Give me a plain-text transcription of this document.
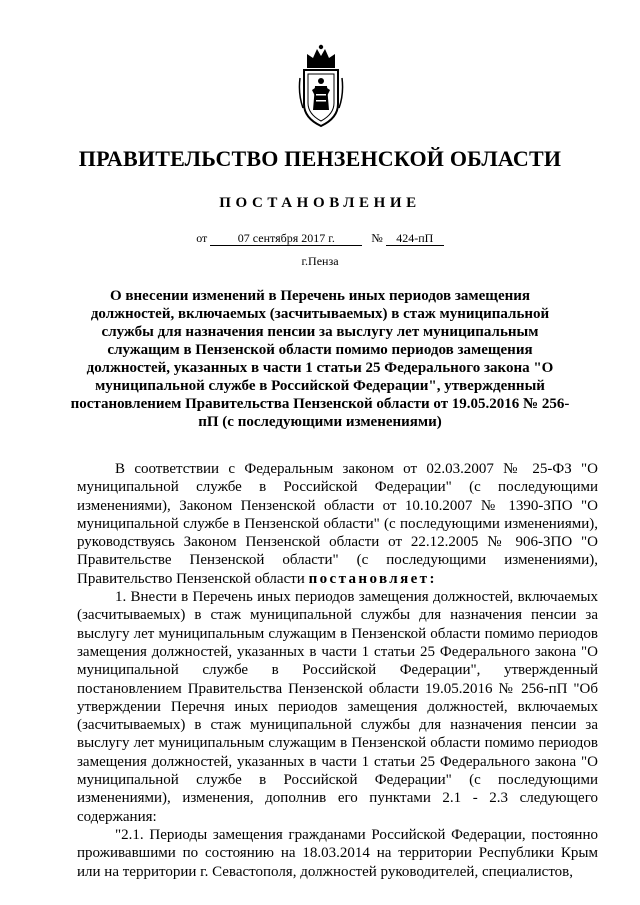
ПРАВИТЕЛЬСТВО ПЕНЗЕНСКОЙ ОБЛАСТИ
ПОСТАНОВЛЕНИЕ
от	07 сентября 2017 г.	№ 424-пП
г.Пенза
О внесении изменений в Перечень иных периодов замещения должностей, включаемых (засчитываемых) в стаж муниципальной службы для назначения пенсии за выслугу лет муниципальным служащим в Пензенской области помимо периодов замещения должностей, указанных в части 1 статьи 25 Федерального закона "О муниципальной службе в Российской Федерации", утвержденный постановлением Правительства Пензенской области от 19.05.2016 № 256-пП (с последующими изменениями)

В соответствии с Федеральным законом от 02.03.2007 № 25-ФЗ "О муниципальной службе в Российской Федерации" (с последующими изменениями), Законом Пензенской области от 10.10.2007 № 1390-ЗПО "О муниципальной службе в Пензенской области" (с последующими изменениями), руководствуясь Законом Пензенской области от 22.12.2005 № 906-ЗПО "О Правительстве Пензенской области" (с последующими изменениями), Правительство Пензенской области постановляет:

1. Внести в Перечень иных периодов замещения должностей, включаемых (засчитываемых) в стаж муниципальной службы для назначения пенсии за выслугу лет муниципальным служащим в Пензенской области помимо периодов замещения должностей, указанных в части 1 статьи 25 Федерального закона "О муниципальной службе в Российской Федерации", утвержденный постановлением Правительства Пензенской области 19.05.2016 № 256-пП "Об утверждении Перечня иных периодов замещения должностей, включаемых (засчитываемых) в стаж муниципальной службы для назначения пенсии за выслугу лет муниципальным служащим в Пензенской области помимо периодов замещения должностей, указанных в части 1 статьи 25 Федерального закона "О муниципальной службе в Российской Федерации" (с последующими изменениями), изменения, дополнив его пунктами 2.1 - 2.3 следующего содержания:

"2.1. Периоды замещения гражданами Российской Федерации, постоянно проживавшими по состоянию на 18.03.2014 на территории Республики Крым или на территории г. Севастополя, должностей руководителей, специалистов,
